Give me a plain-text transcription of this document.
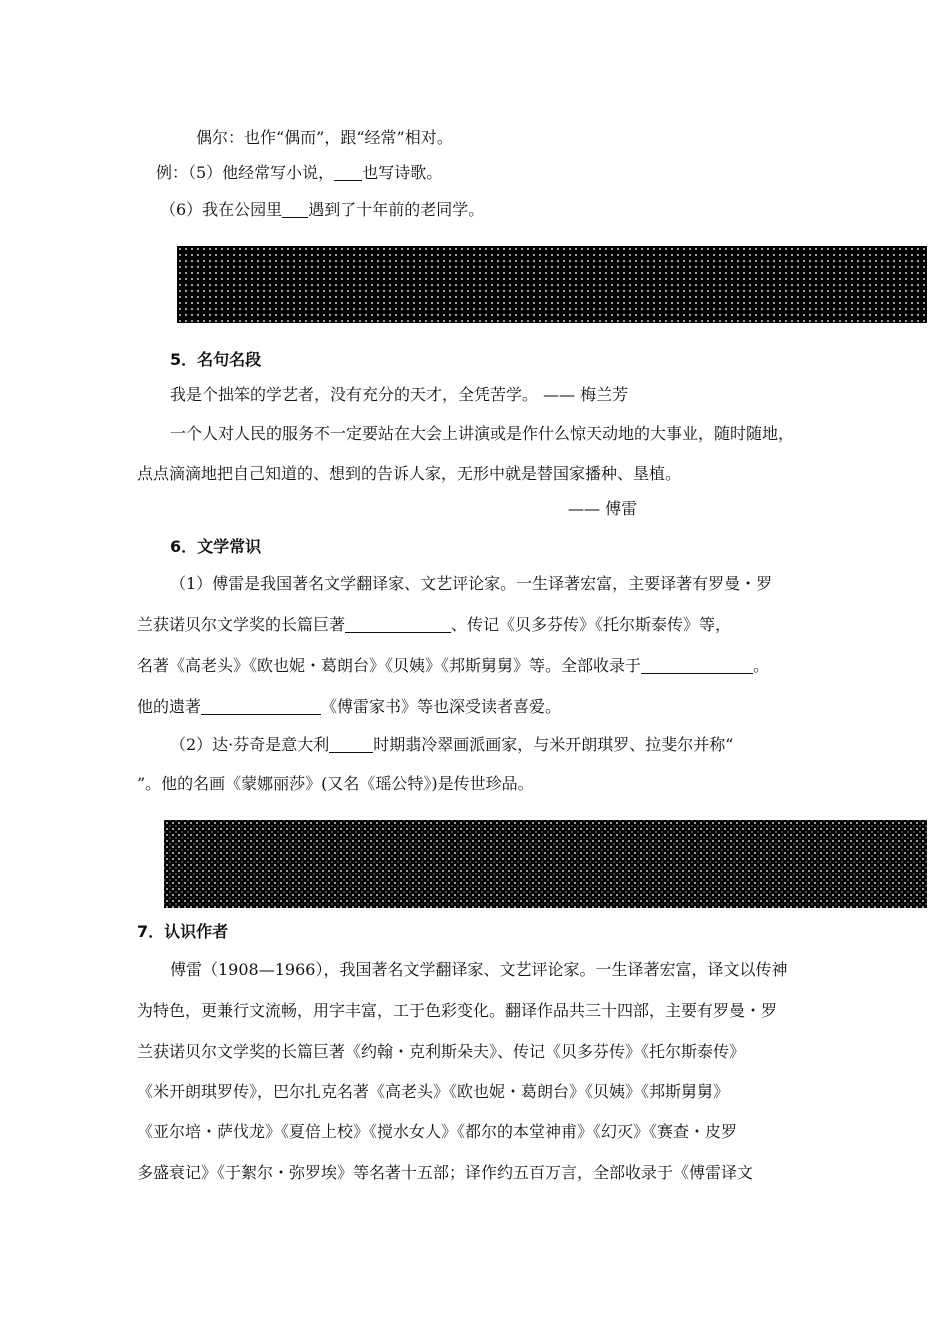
偶尔：也作“偶而”，跟“经常”相对。
例：（5）他经常写小说， 也写诗歌。
（6）我在公园里 遇到了十年前的老同学。
5．名句名段
我是个拙笨的学艺者，没有充分的天才，全凭苦学。 —— 梅兰芳
一个人对人民的服务不一定要站在大会上讲演或是作什么惊天动地的大事业，随时随地，
点点滴滴地把自己知道的、想到的告诉人家，无形中就是替国家播种、垦植。
—— 傅雷
6．文学常识
（1）傅雷是我国著名文学翻译家、文艺评论家。一生译著宏富，主要译著有罗曼・罗
兰获诺贝尔文学奖的长篇巨著	、传记《贝多芬传》《托尔斯泰传》等，
名著《高老头》《欧也妮・葛朗台》《贝姨》《邦斯舅舅》等。全部收录于	。
他的遗著	《傅雷家书》等也深受读者喜爱。
（2）达·芬奇是意大利	时期翡冷翠画派画家，与米开朗琪罗、拉斐尔并称“
”。他的名画《蒙娜丽莎》(又名《瑶公特》)是传世珍品。
7．认识作者
傅雷（1908—1966），我国著名文学翻译家、文艺评论家。一生译著宏富，译文以传神
为特色，更兼行文流畅，用字丰富，工于色彩变化。翻译作品共三十四部，主要有罗曼・罗
兰获诺贝尔文学奖的长篇巨著《约翰・克利斯朵夫》、传记《贝多芬传》《托尔斯泰传》
《米开朗琪罗传》，巴尔扎克名著《高老头》《欧也妮・葛朗台》《贝姨》《邦斯舅舅》
《亚尔培・萨伐龙》《夏倍上校》《搅水女人》《都尔的本堂神甫》《幻灭》《赛查・皮罗
多盛衰记》《于絮尔・弥罗埃》等名著十五部；译作约五百万言，全部收录于《傅雷译文
